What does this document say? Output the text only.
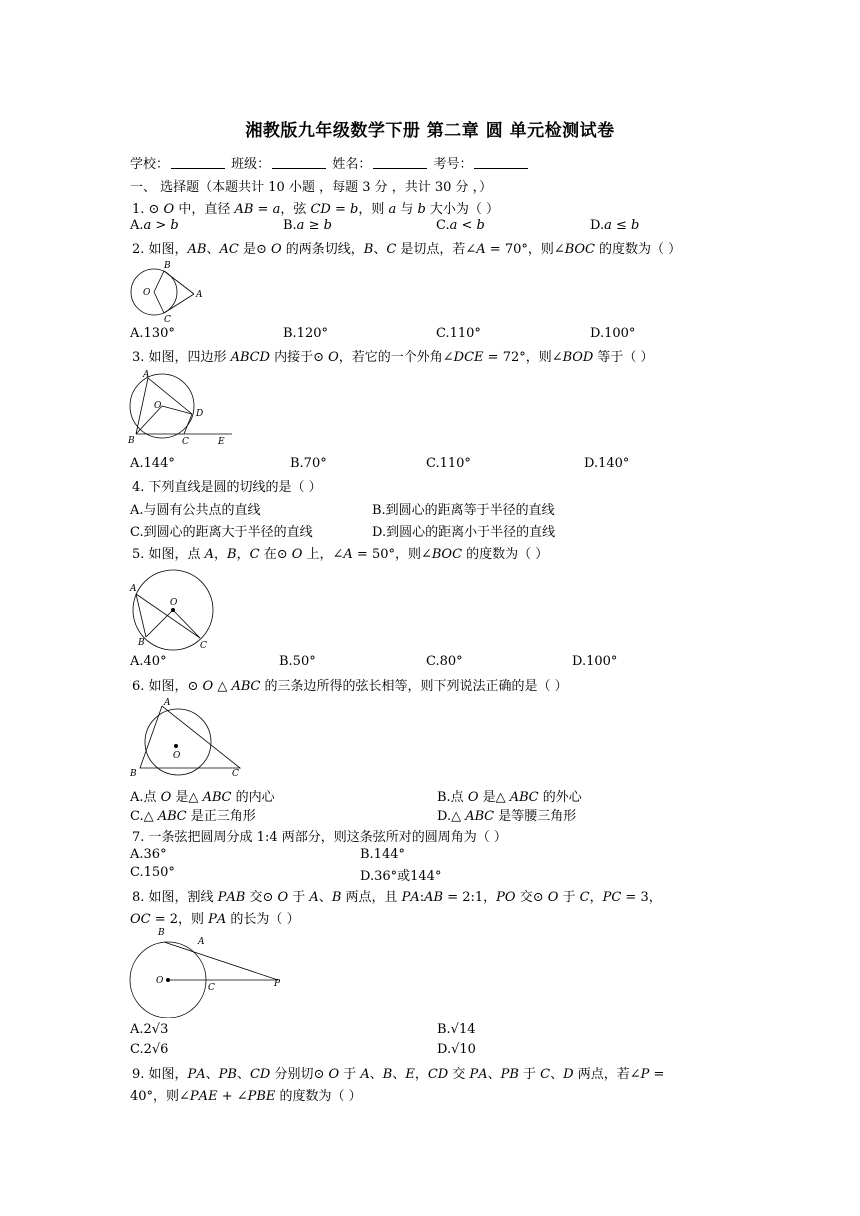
湘教版九年级数学下册 第二章 圆 单元检测试卷
学校：	班级：	姓名：	考号：
一、 选择题（本题共计 10 小题 ，每题 3 分 ，共计 30 分 ，）
1. ⊙ 𝑂 中，直径 𝐴𝐵 = 𝑎，弦 𝐶𝐷 = 𝑏，则 𝑎 与 𝑏 大小为（ ）
A.𝑎 > 𝑏	B.𝑎 ≥ 𝑏	C.𝑎 < 𝑏	D.𝑎 ≤ 𝑏
2. 如图，𝐴𝐵、𝐴𝐶 是⊙ 𝑂 的两条切线，𝐵、𝐶 是切点，若∠𝐴 = 70°，则∠𝐵𝑂𝐶 的度数为（ ）
B
O	A
C
A.130°	B.120°	C.110°	D.100°
3. 如图，四边形 𝐴𝐵𝐶𝐷 内接于⊙ 𝑂，若它的一个外角∠𝐷𝐶𝐸 = 72°，则∠𝐵𝑂𝐷 等于（ ）
A
O
D
B	C	E
A.144°	B.70°	C.110°	D.140°
4. 下列直线是圆的切线的是（ ）
A.与圆有公共点的直线	B.到圆心的距离等于半径的直线
C.到圆心的距离大于半径的直线	D.到圆心的距离小于半径的直线
5. 如图，点 𝐴，𝐵，𝐶 在⊙ 𝑂 上，∠𝐴 = 50°，则∠𝐵𝑂𝐶 的度数为（ ）
A
O
B	C
A.40°	B.50°	C.80°	D.100°
6. 如图，⊙ 𝑂 △ 𝐴𝐵𝐶 的三条边所得的弦长相等，则下列说法正确的是（ ）
A
O
B	C
A.点 𝑂 是△ 𝐴𝐵𝐶 的内心	B.点 𝑂 是△ 𝐴𝐵𝐶 的外心
C.△ 𝐴𝐵𝐶 是正三角形	D.△ 𝐴𝐵𝐶 是等腰三角形
7. 一条弦把圆周分成 1:4 两部分，则这条弦所对的圆周角为（ ）
A.36°	B.144°
C.150°	D.36°或144°
8. 如图，割线 𝑃𝐴𝐵 交⊙ 𝑂 于 𝐴、𝐵 两点，且 𝑃𝐴:𝐴𝐵 = 2:1，𝑃𝑂 交⊙ 𝑂 于 𝐶，𝑃𝐶 = 3，
𝑂𝐶 = 2，则 𝑃𝐴 的长为（ ）
B
A
O
C	P
A.2√3	B.√14
C.2√6	D.√10
9. 如图，𝑃𝐴、𝑃𝐵、𝐶𝐷 分别切⊙ 𝑂 于 𝐴、𝐵、𝐸，𝐶𝐷 交 𝑃𝐴、𝑃𝐵 于 𝐶、𝐷 两点，若∠𝑃 =
40°，则∠𝑃𝐴𝐸 + ∠𝑃𝐵𝐸 的度数为（ ）
